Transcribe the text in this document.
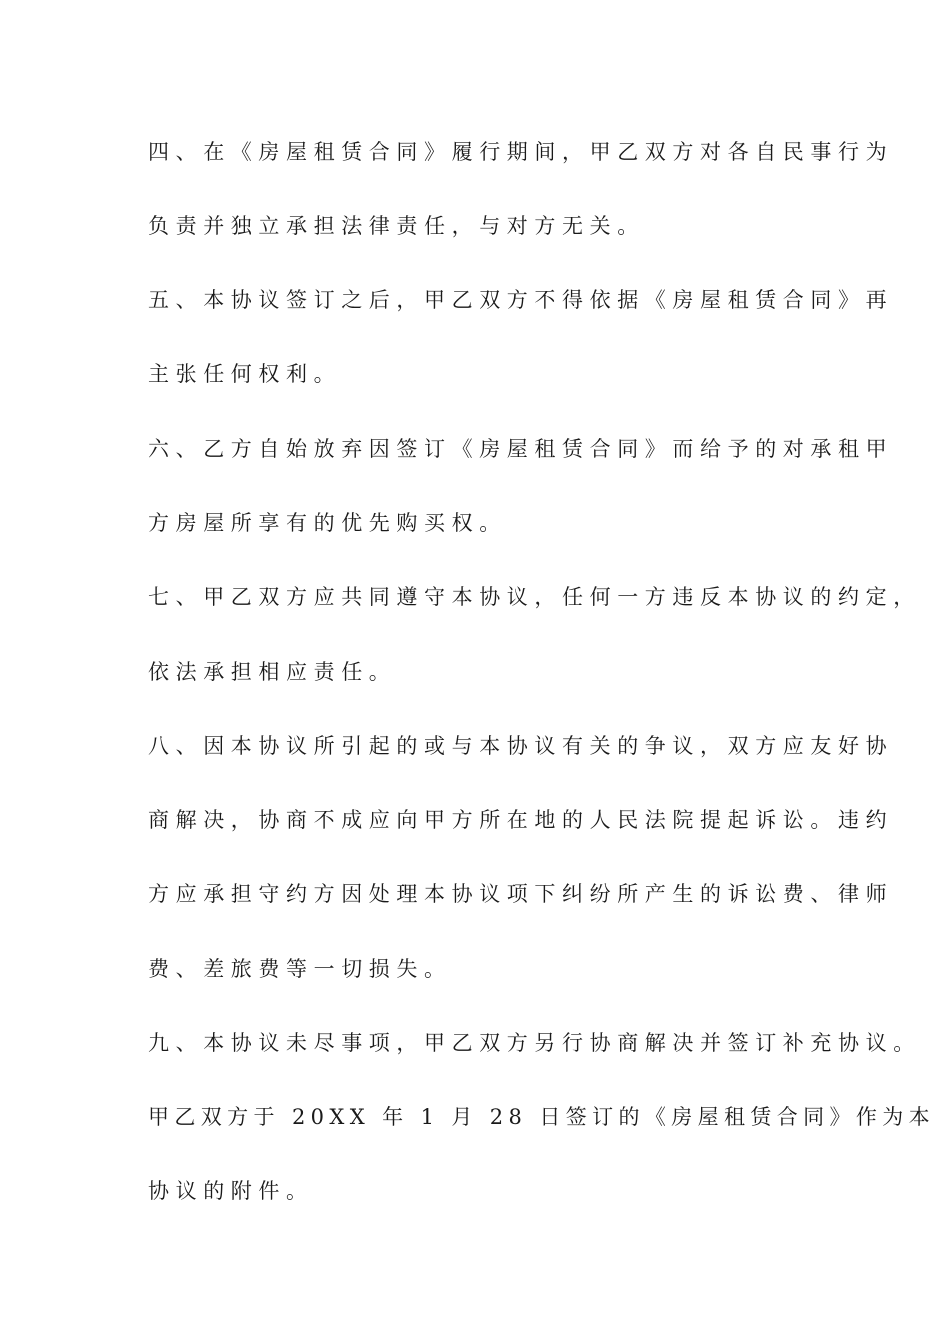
四、在《房屋租赁合同》履行期间，甲乙双方对各自民事行为
负责并独立承担法律责任，与对方无关。
五、本协议签订之后，甲乙双方不得依据《房屋租赁合同》再
主张任何权利。
六、乙方自始放弃因签订《房屋租赁合同》而给予的对承租甲
方房屋所享有的优先购买权。
七、甲乙双方应共同遵守本协议，任何一方违反本协议的约定，
依法承担相应责任。
八、因本协议所引起的或与本协议有关的争议，双方应友好协
商解决，协商不成应向甲方所在地的人民法院提起诉讼。违约
方应承担守约方因处理本协议项下纠纷所产生的诉讼费、律师
费、差旅费等一切损失。
九、本协议未尽事项，甲乙双方另行协商解决并签订补充协议。
甲乙双方于 20XX 年 1 月 28 日签订的《房屋租赁合同》作为本
协议的附件。
